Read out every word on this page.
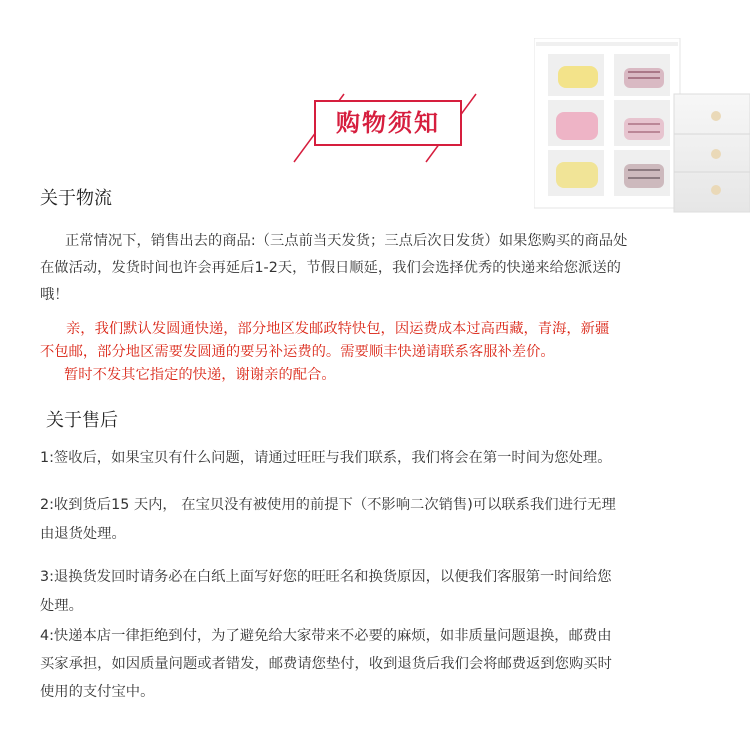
购物须知
关于物流
正常情况下，销售出去的商品:（三点前当天发货；三点后次日发货）如果您购买的商品处
在做活动，发货时间也许会再延后1-2天，节假日顺延，我们会选择优秀的快递来给您派送的
哦！
亲，我们默认发圆通快递，部分地区发邮政特快包，因运费成本过高西藏，青海，新疆
不包邮，部分地区需要发圆通的要另补运费的。需要顺丰快递请联系客服补差价。
暂时不发其它指定的快递，谢谢亲的配合。
关于售后
1:签收后，如果宝贝有什么问题，请通过旺旺与我们联系，我们将会在第一时间为您处理。
2:收到货后15 天内， 在宝贝没有被使用的前提下（不影响二次销售)可以联系我们进行无理
由退货处理。
3:退换货发回时请务必在白纸上面写好您的旺旺名和换货原因，以便我们客服第一时间给您
处理。
4:快递本店一律拒绝到付，为了避免给大家带来不必要的麻烦，如非质量问题退换，邮费由
买家承担，如因质量问题或者错发，邮费请您垫付，收到退货后我们会将邮费返到您购买时
使用的支付宝中。
